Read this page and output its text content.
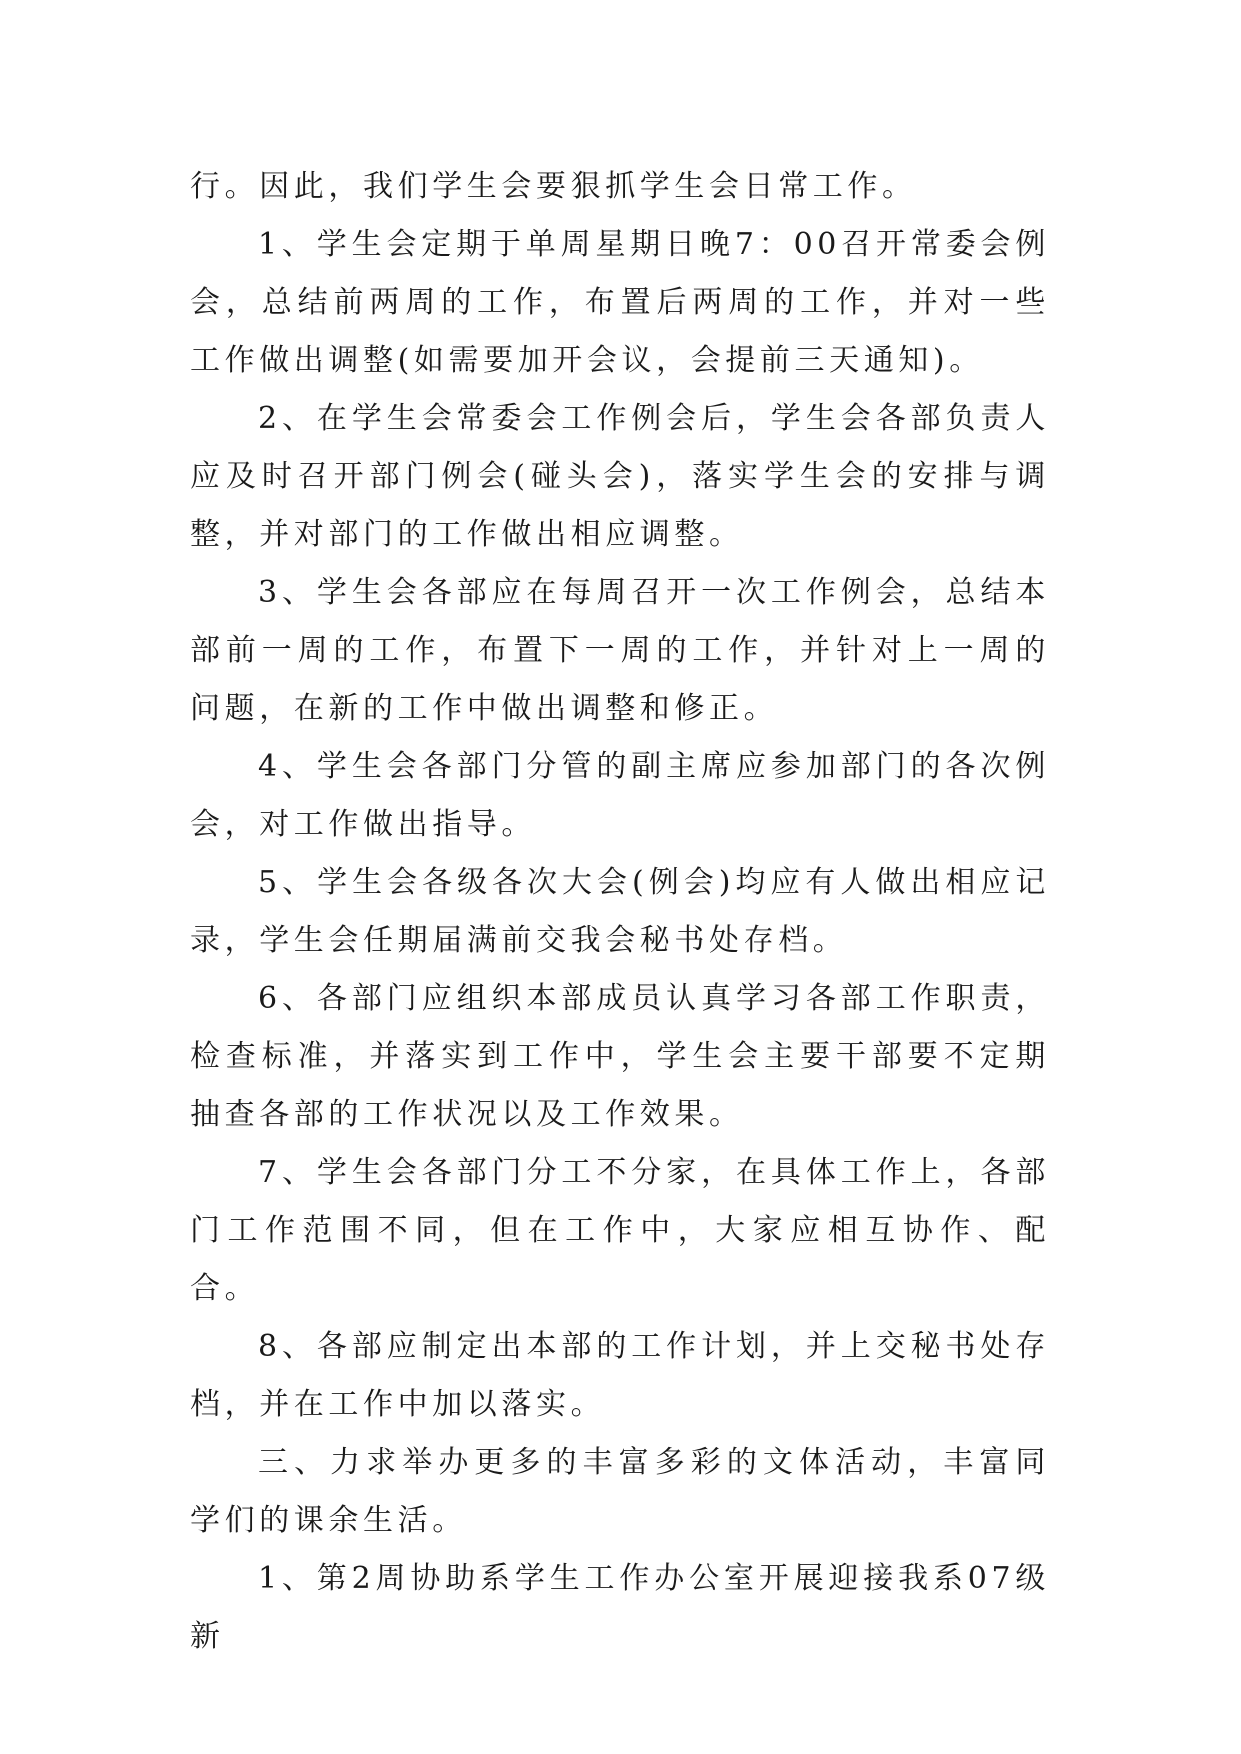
行。因此，我们学生会要狠抓学生会日常工作。

1、学生会定期于单周星期日晚7：00召开常委会例会，总结前两周的工作，布置后两周的工作，并对一些工作做出调整(如需要加开会议，会提前三天通知)。

2、在学生会常委会工作例会后，学生会各部负责人应及时召开部门例会(碰头会)，落实学生会的安排与调整，并对部门的工作做出相应调整。

3、学生会各部应在每周召开一次工作例会，总结本部前一周的工作，布置下一周的工作，并针对上一周的问题，在新的工作中做出调整和修正。

4、学生会各部门分管的副主席应参加部门的各次例会，对工作做出指导。

5、学生会各级各次大会(例会)均应有人做出相应记录，学生会任期届满前交我会秘书处存档。

6、各部门应组织本部成员认真学习各部工作职责，检查标准，并落实到工作中，学生会主要干部要不定期抽查各部的工作状况以及工作效果。

7、学生会各部门分工不分家，在具体工作上，各部门工作范围不同，但在工作中，大家应相互协作、配合。

8、各部应制定出本部的工作计划，并上交秘书处存档，并在工作中加以落实。

三、力求举办更多的丰富多彩的文体活动，丰富同学们的课余生活。

1、第2周协助系学生工作办公室开展迎接我系07级新
